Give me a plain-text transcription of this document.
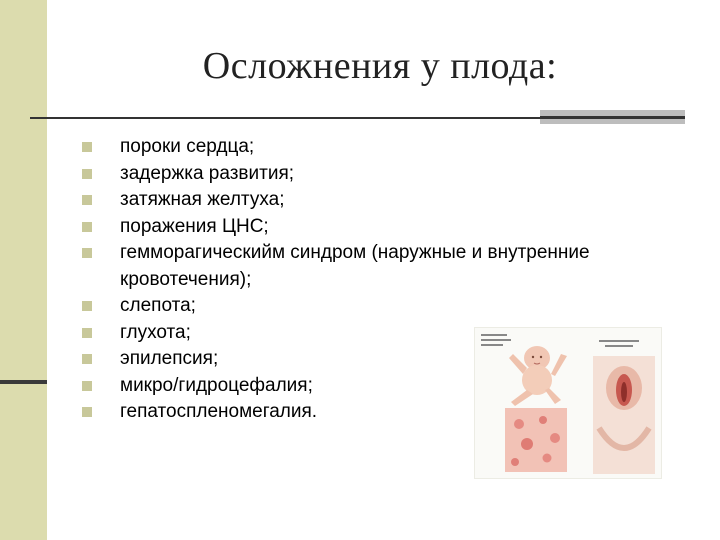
Осложнения у плода:
пороки сердца;
задержка развития;
затяжная желтуха;
поражения ЦНС;
гемморагическийм синдром (наружные и внутренние кровотечения);
слепота;
глухота;
эпилепсия;
микро/гидроцефалия;
гепатоспленомегалия.
